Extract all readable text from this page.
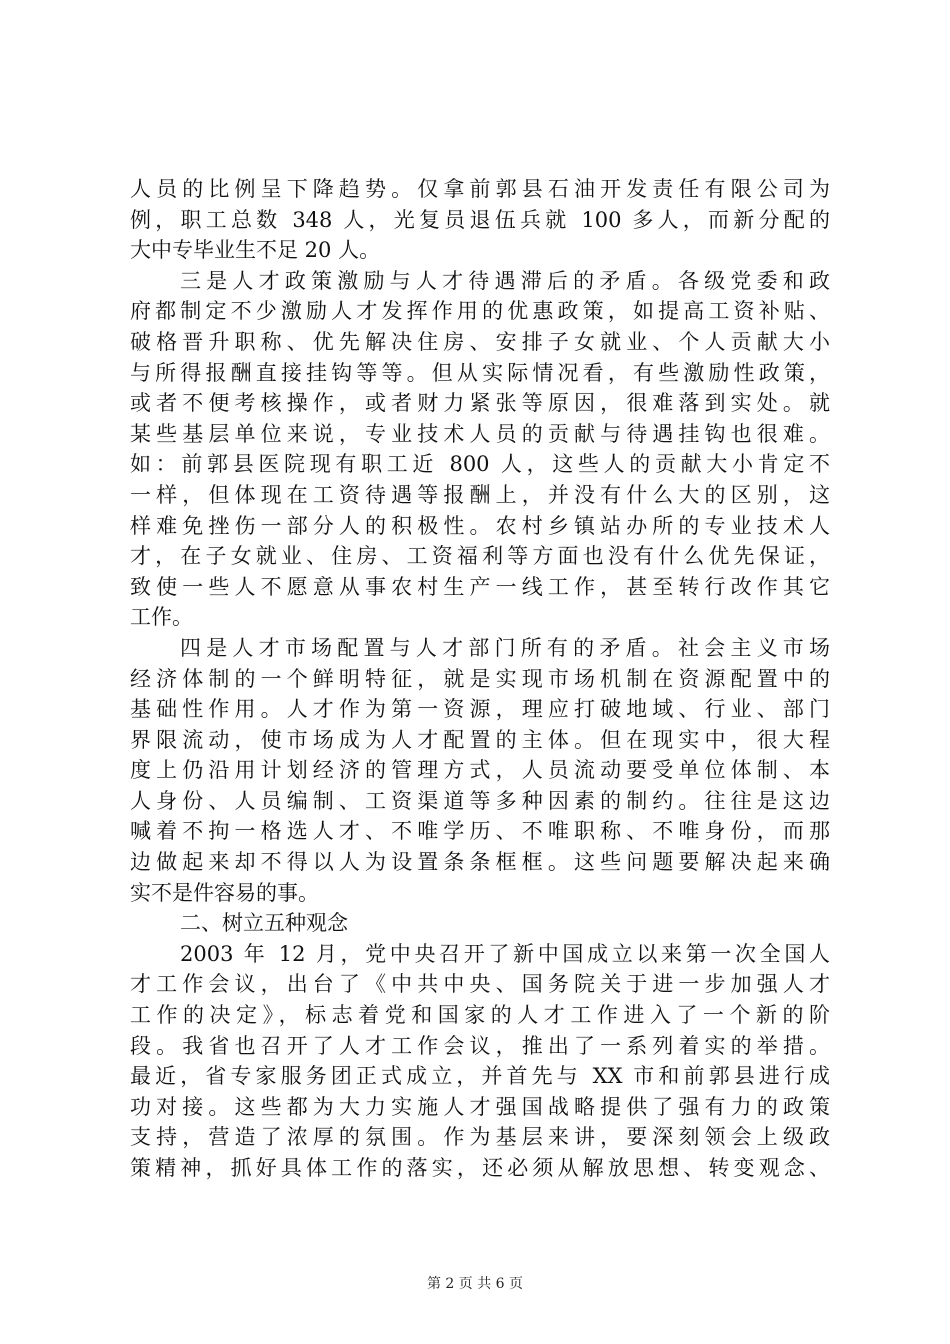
人员的比例呈下降趋势。仅拿前郭县石油开发责任有限公司为
例，职工总数 348 人，光复员退伍兵就 100 多人，而新分配的
大中专毕业生不足 20 人。
三是人才政策激励与人才待遇滞后的矛盾。各级党委和政
府都制定不少激励人才发挥作用的优惠政策，如提高工资补贴、
破格晋升职称、优先解决住房、安排子女就业、个人贡献大小
与所得报酬直接挂钩等等。但从实际情况看，有些激励性政策，
或者不便考核操作，或者财力紧张等原因，很难落到实处。就
某些基层单位来说，专业技术人员的贡献与待遇挂钩也很难。
如：前郭县医院现有职工近 800 人，这些人的贡献大小肯定不
一样，但体现在工资待遇等报酬上，并没有什么大的区别，这
样难免挫伤一部分人的积极性。农村乡镇站办所的专业技术人
才，在子女就业、住房、工资福利等方面也没有什么优先保证，
致使一些人不愿意从事农村生产一线工作，甚至转行改作其它
工作。
四是人才市场配置与人才部门所有的矛盾。社会主义市场
经济体制的一个鲜明特征，就是实现市场机制在资源配置中的
基础性作用。人才作为第一资源，理应打破地域、行业、部门
界限流动，使市场成为人才配置的主体。但在现实中，很大程
度上仍沿用计划经济的管理方式，人员流动要受单位体制、本
人身份、人员编制、工资渠道等多种因素的制约。往往是这边
喊着不拘一格选人才、不唯学历、不唯职称、不唯身份，而那
边做起来却不得以人为设置条条框框。这些问题要解决起来确
实不是件容易的事。
二、树立五种观念
2003 年 12 月，党中央召开了新中国成立以来第一次全国人
才工作会议，出台了《中共中央、国务院关于进一步加强人才
工作的决定》，标志着党和国家的人才工作进入了一个新的阶
段。我省也召开了人才工作会议，推出了一系列着实的举措。
最近，省专家服务团正式成立，并首先与 XX 市和前郭县进行成
功对接。这些都为大力实施人才强国战略提供了强有力的政策
支持，营造了浓厚的氛围。作为基层来讲，要深刻领会上级政
策精神，抓好具体工作的落实，还必须从解放思想、转变观念、
第 2 页 共 6 页
